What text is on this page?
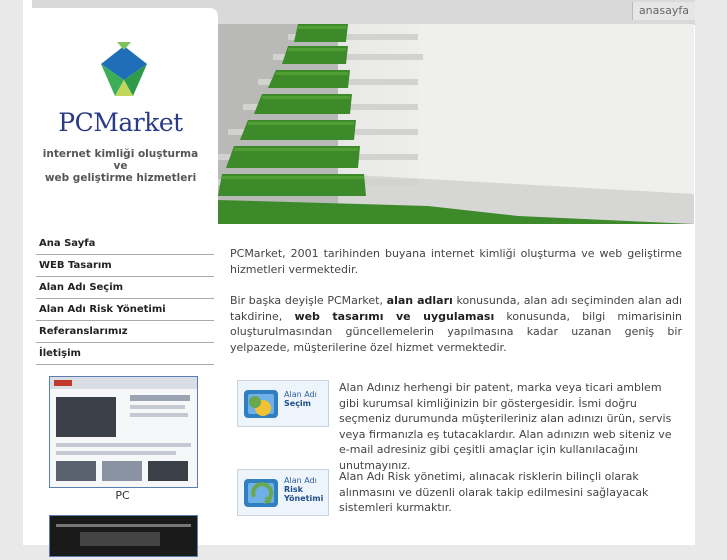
anasayfa
PCMarket
internet kimliği oluşturma
ve
web geliştirme hizmetleri
Ana Sayfa
WEB Tasarım
Alan Adı Seçim
Alan Adı Risk Yönetimi
Referanslarımız
İletişim
PC

PCMarket, 2001 tarihinden buyana internet kimliği oluşturma ve web geliştirme hizmetleri vermektedir.

Bir başka deyişle PCMarket, alan adları konusunda, alan adı seçiminden alan adı takdirine, web tasarımı ve uygulaması konusunda, bilgi mimarisinin oluşturulmasından güncellemelerin yapılmasına kadar uzanan geniş bir yelpazede, müşterilerine özel hizmet vermektedir.

Alan Adı
Seçim
Alan Adınız herhengi bir patent, marka veya ticari amblem gibi kurumsal kimliğinizin bir göstergesidir. İsmi doğru seçmeniz durumunda müşterileriniz alan adınızı ürün, servis veya firmanızla eş tutacaklardır. Alan adınızın web siteniz ve e-mail adresiniz gibi çeşitli amaçlar için kullanılacağını unutmayınız.
Alan Adı
Risk
Yönetimi
Alan Adı Risk yönetimi, alınacak risklerin bilinçli olarak alınmasını ve düzenli olarak takip edilmesini sağlayacak sistemleri kurmaktır.
